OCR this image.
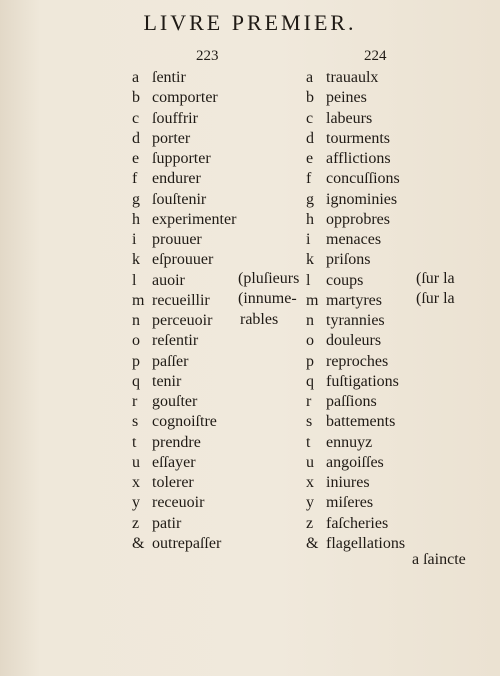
LIVRE PREMIER.
223	224
a ſentir
b comporter
c ſouffrir
d porter
e ſupporter
f endurer
g ſouſtenir
h experimenter
i prouuer
k eſprouuer
l auoir
m recueillir
n perceuoir
o reſentir
p paſſer
q tenir
r gouſter
s cognoiſtre
t prendre
u eſſayer
x tolerer
y receuoir
z patir
& outrepaſſer
a trauaulx
b peines
c labeurs
d tourments
e afflictions
f concuſſions
g ignominies
h opprobres
i menaces
k priſons
l coups
m martyres
n tyrannies
o douleurs
p reproches
q fuſtigations
r paſſions
s battements
t ennuyz
u angoiſſes
x iniures
y miſeres
z faſcheries
& flagellations
(pluſieurs
(innume-
rables
(ſur la
(ſur la
a ſaincte
